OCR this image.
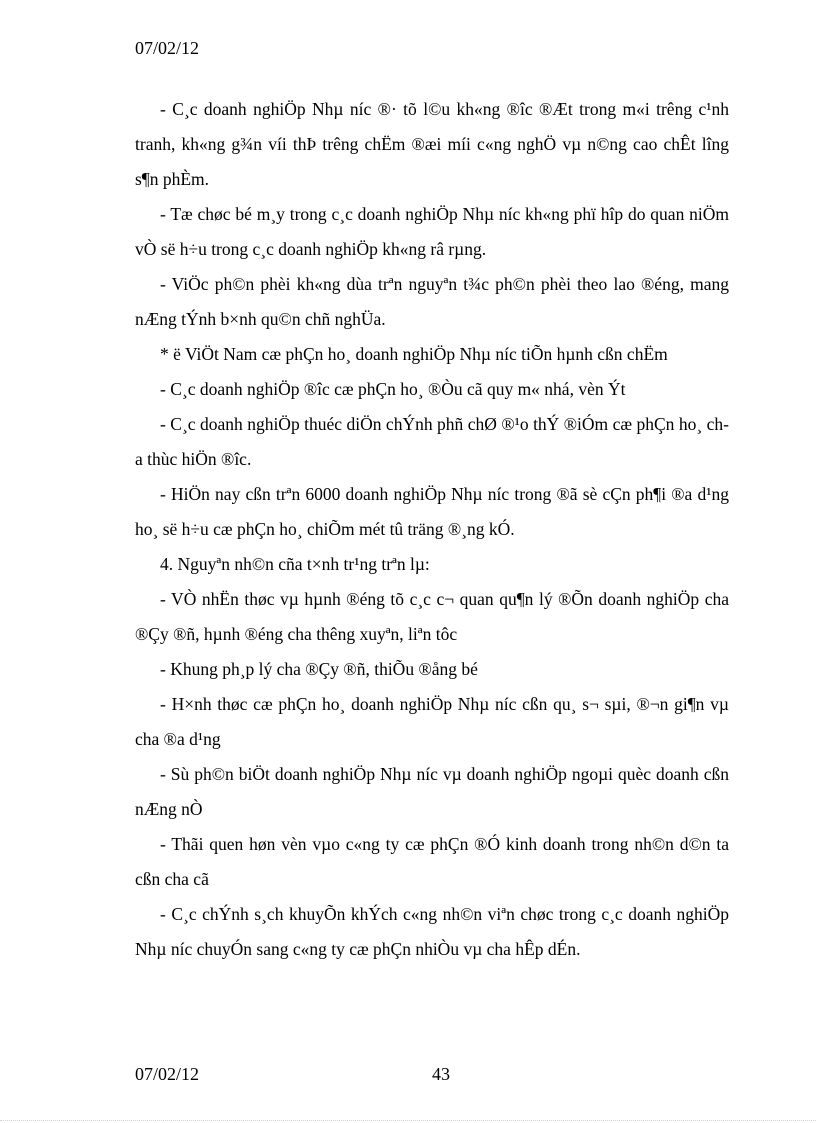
07/02/12

- C¸c doanh nghiÖp Nhµ níc ®· tõ l©u kh«ng ®îc ®Æt trong m«i trêng c¹nh tranh, kh«ng g¾n víi thÞ trêng chËm ®æi míi c«ng nghÖ vµ n©ng cao chÊt lîng s¶n phÈm.

- Tæ chøc bé m¸y trong c¸c doanh nghiÖp Nhµ níc kh«ng phï hîp do quan niÖm vÒ së h÷u trong c¸c doanh nghiÖp kh«ng râ rµng.

- ViÖc ph©n phèi kh«ng dùa trªn nguyªn t¾c ph©n phèi theo lao ®éng, mang nÆng tÝnh b×nh qu©n chñ nghÜa.

* ë ViÖt Nam cæ phÇn ho¸ doanh nghiÖp Nhµ níc tiÕn hµnh cßn chËm

- C¸c doanh nghiÖp ®îc cæ phÇn ho¸ ®Òu cã quy m« nhá, vèn Ýt

- C¸c doanh nghiÖp thuéc diÖn chÝnh phñ chØ ®¹o thÝ ®iÓm cæ phÇn ho¸ cha thùc hiÖn ®îc.

- HiÖn nay cßn trªn 6000 doanh nghiÖp Nhµ níc trong ®ã sè cÇn ph¶i ®a d¹ng ho¸ së h÷u cæ phÇn ho¸ chiÕm mét tû träng ®¸ng kÓ.

4. Nguyªn nh©n cña t×nh tr¹ng trªn lµ:

- VÒ nhËn thøc vµ hµnh ®éng tõ c¸c c¬ quan qu¶n lý ®Õn doanh nghiÖp cha ®Çy ®ñ, hµnh ®éng cha thêng xuyªn, liªn tôc

- Khung ph¸p lý cha ®Çy ®ñ, thiÕu ®ång bé

- H×nh thøc cæ phÇn ho¸ doanh nghiÖp Nhµ níc cßn qu¸ s¬ sµi, ®¬n gi¶n vµ cha ®a d¹ng

- Sù ph©n biÖt doanh nghiÖp Nhµ níc vµ doanh nghiÖp ngoµi quèc doanh cßn nÆng nÒ

- Thãi quen høn vèn vµo c«ng ty cæ phÇn ®Ó kinh doanh trong nh©n d©n ta cßn cha cã

- C¸c chÝnh s¸ch khuyÕn khÝch c«ng nh©n viªn chøc trong c¸c doanh nghiÖp Nhµ níc chuyÓn sang c«ng ty cæ phÇn nhiÒu vµ cha hÊp dÉn.

07/02/12	43
